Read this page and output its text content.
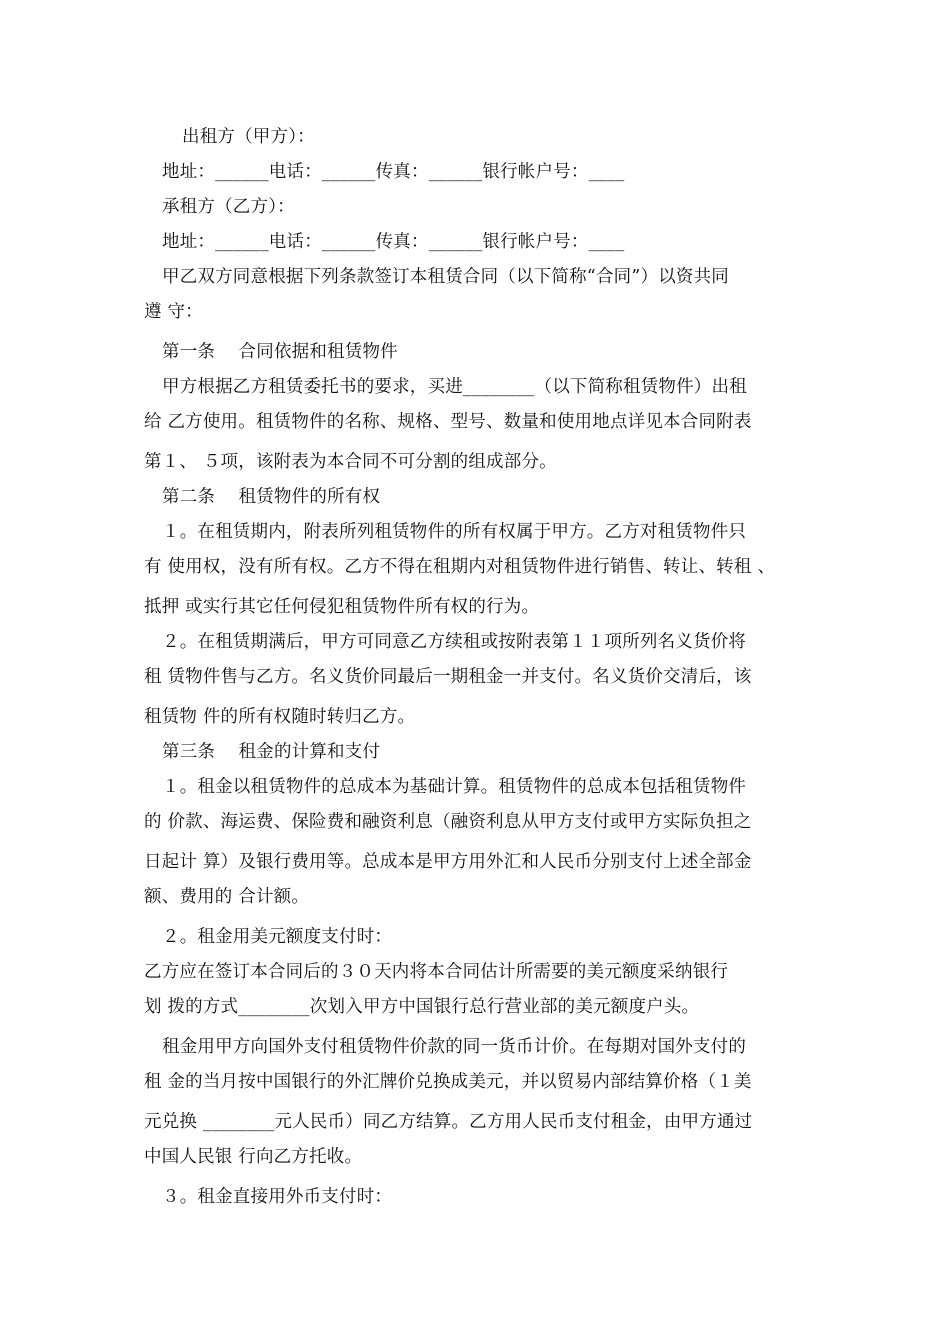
出租方（甲方）：
地址：______电话：______传真：______银行帐户号：____
承租方（乙方）：
地址：______电话：______传真：______银行帐户号：____
甲乙双方同意根据下列条款签订本租赁合同（以下简称“合同”）以资共同
遵 守：
第一条　 合同依据和租赁物件
甲方根据乙方租赁委托书的要求，买进________（以下简称租赁物件）出租
给 乙方使用。租赁物件的名称、规格、型号、数量和使用地点详见本合同附表
第１、 ５项，该附表为本合同不可分割的组成部分。
第二条　 租赁物件的所有权
１。在租赁期内，附表所列租赁物件的所有权属于甲方。乙方对租赁物件只
有 使用权，没有所有权。乙方不得在租期内对租赁物件进行销售、转让、转租 、
抵押 或实行其它任何侵犯租赁物件所有权的行为。
２。在租赁期满后，甲方可同意乙方续租或按附表第１１项所列名义货价将
租 赁物件售与乙方。名义货价同最后一期租金一并支付。名义货价交清后，该
租赁物 件的所有权随时转归乙方。
第三条　 租金的计算和支付
１。租金以租赁物件的总成本为基础计算。租赁物件的总成本包括租赁物件
的 价款、海运费、保险费和融资利息（融资利息从甲方支付或甲方实际负担之
日起计 算）及银行费用等。总成本是甲方用外汇和人民币分别支付上述全部金
额、费用的 合计额。
２。租金用美元额度支付时：
乙方应在签订本合同后的３０天内将本合同估计所需要的美元额度采纳银行
划 拨的方式________次划入甲方中国银行总行营业部的美元额度户头。
租金用甲方向国外支付租赁物件价款的同一货币计价。在每期对国外支付的
租 金的当月按中国银行的外汇牌价兑换成美元，并以贸易内部结算价格（１美
元兑换 ________元人民币）同乙方结算。乙方用人民币支付租金，由甲方通过
中国人民银 行向乙方托收。
３。租金直接用外币支付时：
